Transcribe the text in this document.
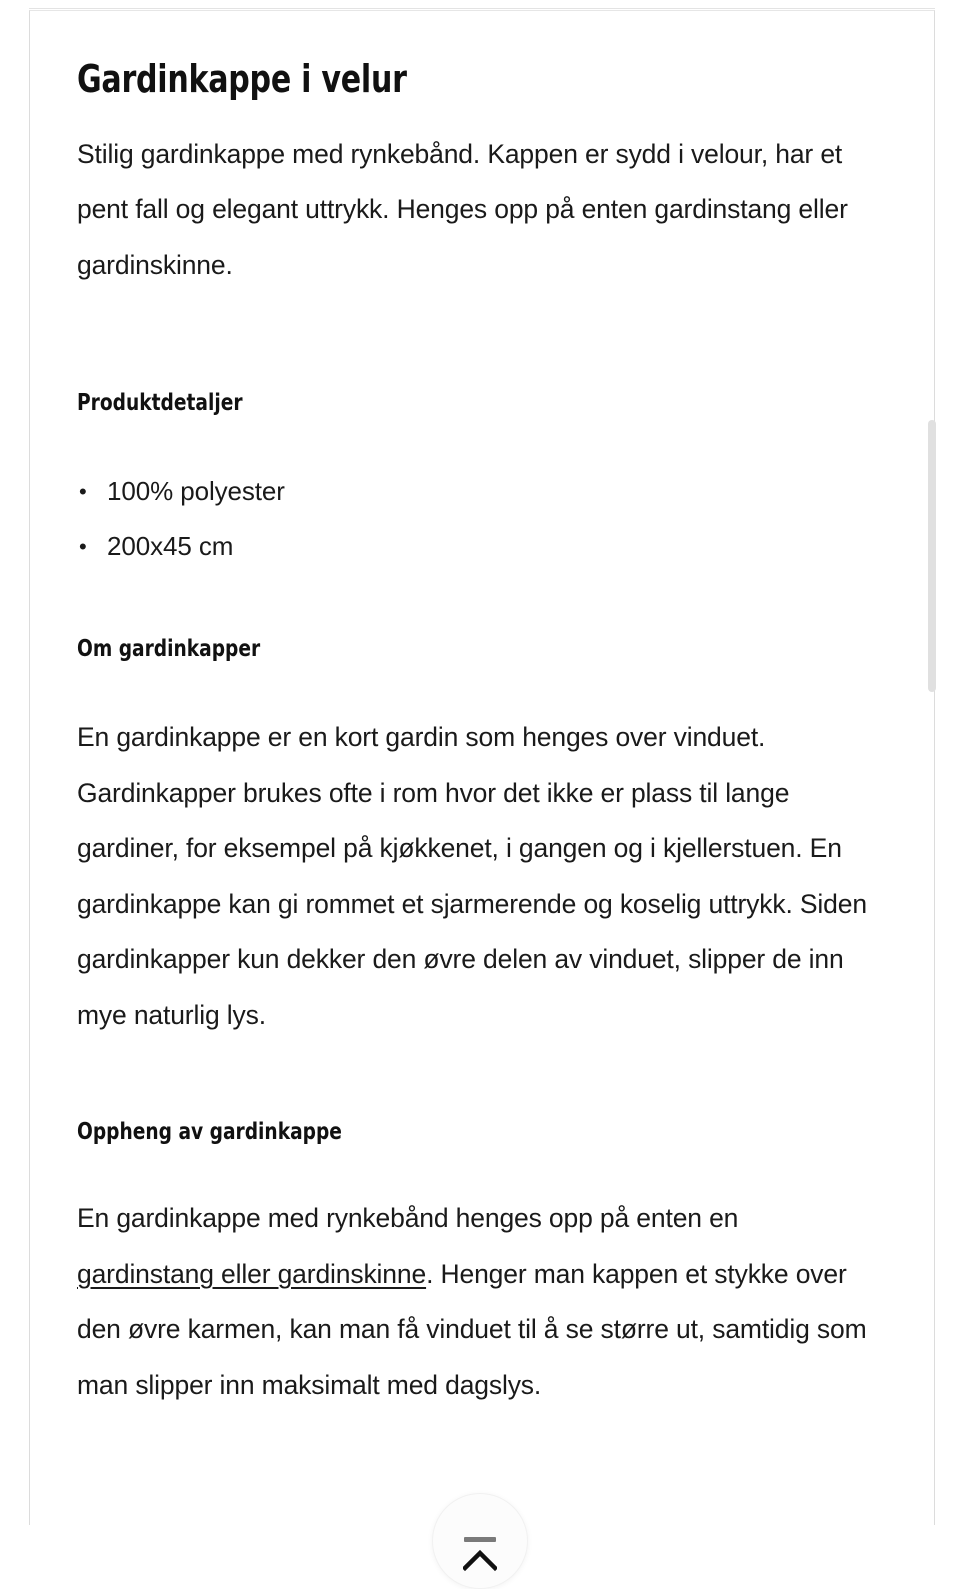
Gardinkappe i velur

Stilig gardinkappe med rynkebånd. Kappen er sydd i velour, har et pent fall og elegant uttrykk. Henges opp på enten gardinstang eller gardinskinne.

Produktdetaljer
• 100% polyester
• 200x45 cm
Om gardinkapper

En gardinkappe er en kort gardin som henges over vinduet. Gardinkapper brukes ofte i rom hvor det ikke er plass til lange gardiner, for eksempel på kjøkkenet, i gangen og i kjellerstuen. En gardinkappe kan gi rommet et sjarmerende og koselig uttrykk. Siden gardinkapper kun dekker den øvre delen av vinduet, slipper de inn mye naturlig lys.

Oppheng av gardinkappe

En gardinkappe med rynkebånd henges opp på enten en gardinstang eller gardinskinne. Henger man kappen et stykke over den øvre karmen, kan man få vinduet til å se større ut, samtidig som man slipper inn maksimalt med dagslys.
